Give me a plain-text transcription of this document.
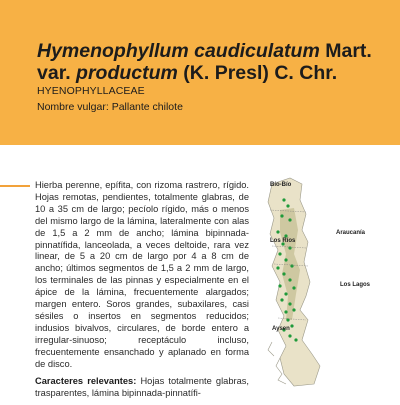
Hymenophyllum caudiculatum Mart.
var. productum (K. Presl) C. Chr.
HYENOPHYLLACEAE
Nombre vulgar: Pallante chilote

Hierba perenne, epífita, con rizoma rastrero, rígido. Hojas remotas, pendientes, totalmente glabras, de 10 a 35 cm de largo; pecíolo rígido, más o menos del mismo largo de la lámina, lateralmente con alas de 1,5 a 2 mm de ancho; lámina bipinnada-pinnatífida, lanceolada, a veces deltoide, rara vez linear, de 5 a 20 cm de largo por 4 a 8 cm de ancho; últimos segmentos de 1,5 a 2 mm de largo, los terminales de las pinnas y especialmente en el ápice de la lámina, frecuentemente alargados; margen entero. Soros grandes, subaxilares, casi sésiles o insertos en segmentos reducidos; indusios bivalvos, circulares, de borde entero a irregular-sinuoso; receptáculo incluso, frecuentemente ensanchado y aplanado en forma de disco.

Caracteres relevantes: Hojas totalmente glabras, trasparentes, lámina bipinnada-pinnatífi-

Bío-Bío
Araucanía
Los Ríos
Los Lagos
Aysen
